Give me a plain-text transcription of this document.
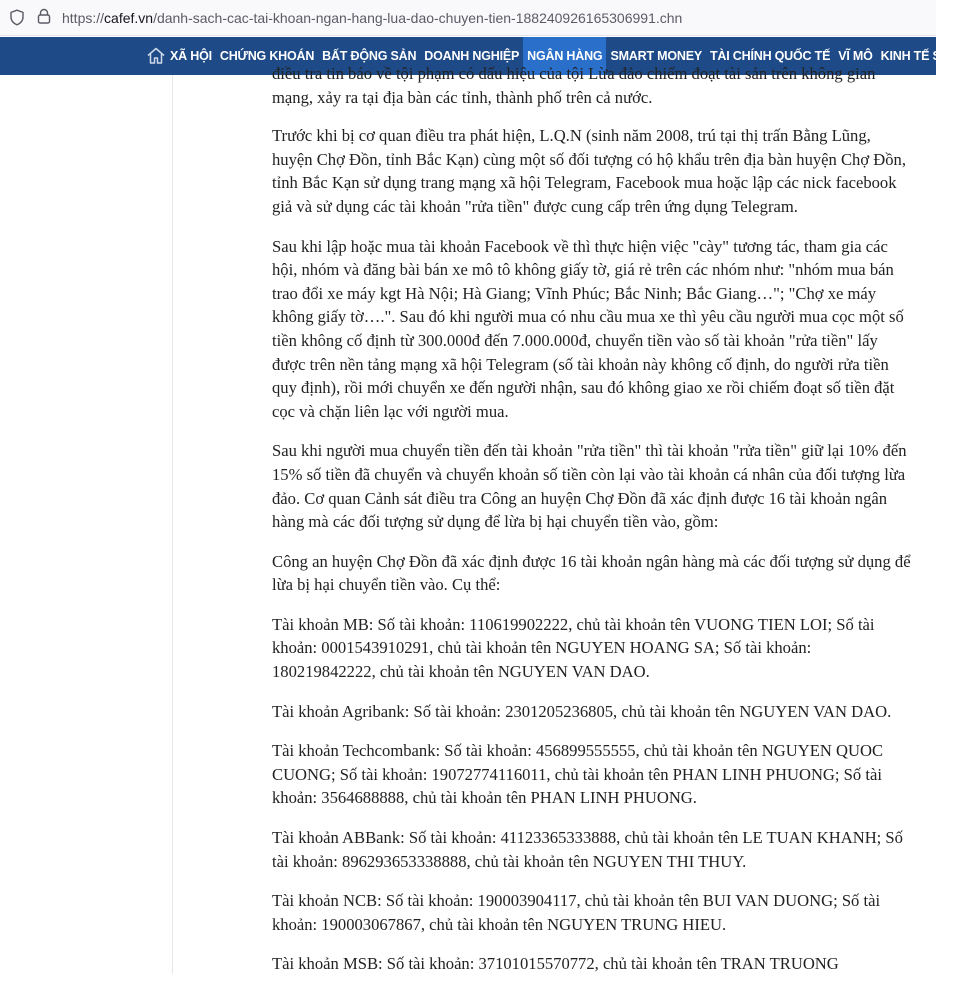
https://cafef.vn/danh-sach-cac-tai-khoan-ngan-hang-lua-dao-chuyen-tien-188240926165306991.chn
XÃ HỘI CHỨNG KHOÁN BẤT ĐỘNG SẢN DOANH NGHIỆP NGÂN HÀNG SMART MONEY TÀI CHÍNH QUỐC TẾ VĨ MÔ KINH TẾ SỐ TH

điều tra tin báo về tội phạm có dấu hiệu của tội Lừa đảo chiếm đoạt tài sản trên không gian mạng, xảy ra tại địa bàn các tỉnh, thành phố trên cả nước.

Trước khi bị cơ quan điều tra phát hiện, L.Q.N (sinh năm 2008, trú tại thị trấn Bằng Lũng, huyện Chợ Đồn, tỉnh Bắc Kạn) cùng một số đối tượng có hộ khẩu trên địa bàn huyện Chợ Đồn, tỉnh Bắc Kạn sử dụng trang mạng xã hội Telegram, Facebook mua hoặc lập các nick facebook giả và sử dụng các tài khoản "rửa tiền" được cung cấp trên ứng dụng Telegram.

Sau khi lập hoặc mua tài khoản Facebook về thì thực hiện việc "cày" tương tác, tham gia các hội, nhóm và đăng bài bán xe mô tô không giấy tờ, giá rẻ trên các nhóm như: "nhóm mua bán trao đổi xe máy kgt Hà Nội; Hà Giang; Vĩnh Phúc; Bắc Ninh; Bắc Giang…"; "Chợ xe máy không giấy tờ….". Sau đó khi người mua có nhu cầu mua xe thì yêu cầu người mua cọc một số tiền không cố định từ 300.000đ đến 7.000.000đ, chuyển tiền vào số tài khoản "rửa tiền" lấy được trên nền tảng mạng xã hội Telegram (số tài khoản này không cố định, do người rửa tiền quy định), rồi mới chuyển xe đến người nhận, sau đó không giao xe rồi chiếm đoạt số tiền đặt cọc và chặn liên lạc với người mua.

Sau khi người mua chuyển tiền đến tài khoản "rửa tiền" thì tài khoản "rửa tiền" giữ lại 10% đến 15% số tiền đã chuyển và chuyển khoản số tiền còn lại vào tài khoản cá nhân của đối tượng lừa đảo. Cơ quan Cảnh sát điều tra Công an huyện Chợ Đồn đã xác định được 16 tài khoản ngân hàng mà các đối tượng sử dụng để lừa bị hại chuyển tiền vào, gồm:

Công an huyện Chợ Đồn đã xác định được 16 tài khoản ngân hàng mà các đối tượng sử dụng để lừa bị hại chuyển tiền vào. Cụ thể:

Tài khoản MB: Số tài khoản: 110619902222, chủ tài khoản tên VUONG TIEN LOI; Số tài khoản: 0001543910291, chủ tài khoản tên NGUYEN HOANG SA; Số tài khoản: 180219842222, chủ tài khoản tên NGUYEN VAN DAO.

Tài khoản Agribank: Số tài khoản: 2301205236805, chủ tài khoản tên NGUYEN VAN DAO.

Tài khoản Techcombank: Số tài khoản: 456899555555, chủ tài khoản tên NGUYEN QUOC CUONG; Số tài khoản: 19072774116011, chủ tài khoản tên PHAN LINH PHUONG; Số tài khoản: 3564688888, chủ tài khoản tên PHAN LINH PHUONG.

Tài khoản ABBank: Số tài khoản: 41123365333888, chủ tài khoản tên LE TUAN KHANH; Số tài khoản: 896293653338888, chủ tài khoản tên NGUYEN THI THUY.

Tài khoản NCB: Số tài khoản: 190003904117, chủ tài khoản tên BUI VAN DUONG; Số tài khoản: 190003067867, chủ tài khoản tên NGUYEN TRUNG HIEU.

Tài khoản MSB: Số tài khoản: 37101015570772, chủ tài khoản tên TRAN TRUONG
